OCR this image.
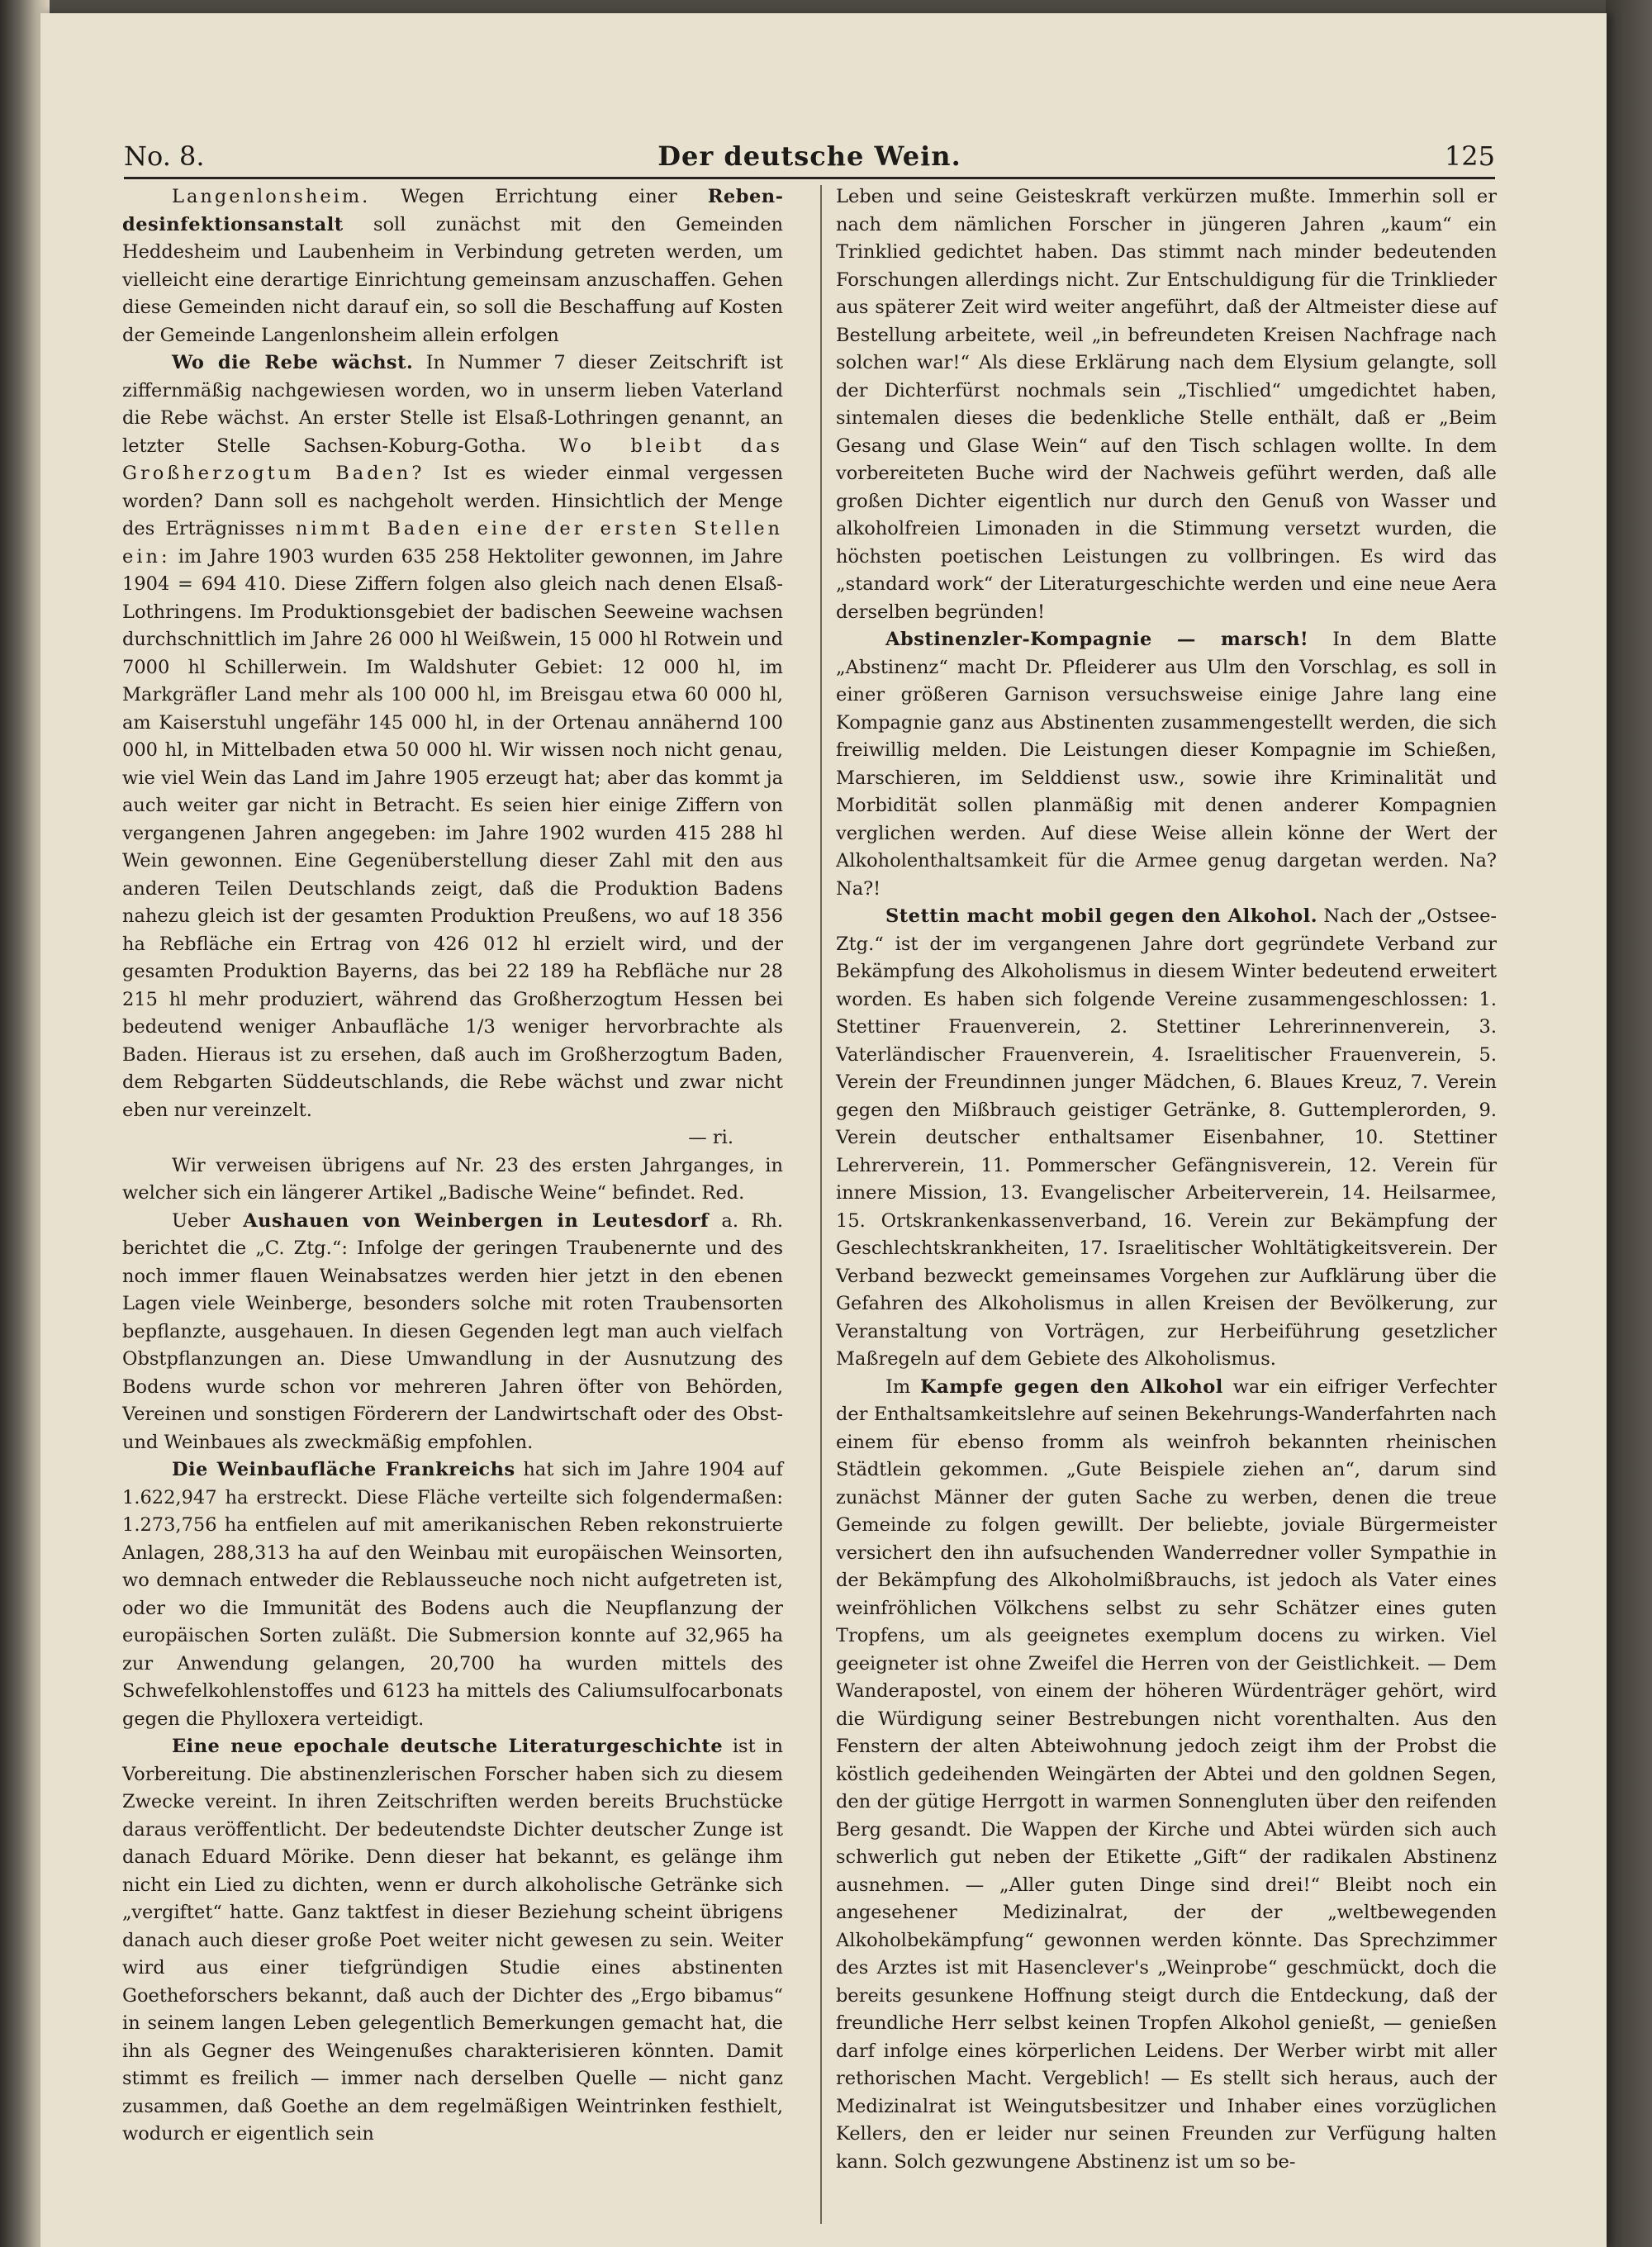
No. 8.	Der deutsche Wein.	125

Langenlonsheim. Wegen Errichtung einer Rebendesinfektionsanstalt soll zunächst mit den Gemeinden Heddesheim und Laubenheim in Verbindung getreten werden, um vielleicht eine derartige Einrichtung gemeinsam anzuschaffen. Gehen diese Gemeinden nicht darauf ein, so soll die Beschaffung auf Kosten der Gemeinde Langenlonsheim allein erfolgen

Wo die Rebe wächst. In Nummer 7 dieser Zeitschrift ist ziffernmäßig nachgewiesen worden, wo in unserm lieben Vaterland die Rebe wächst. An erster Stelle ist Elsaß-Lothringen genannt, an letzter Stelle Sachsen-Koburg-Gotha. Wo bleibt das Großherzogtum Baden? Ist es wieder einmal vergessen worden? Dann soll es nachgeholt werden. Hinsichtlich der Menge des Erträgnisses nimmt Baden eine der ersten Stellen ein: im Jahre 1903 wurden 635 258 Hektoliter gewonnen, im Jahre 1904 = 694 410. Diese Ziffern folgen also gleich nach denen Elsaß-Lothringens. Im Produktionsgebiet der badischen Seeweine wachsen durchschnittlich im Jahre 26 000 hl Weißwein, 15 000 hl Rotwein und 7000 hl Schillerwein. Im Waldshuter Gebiet: 12 000 hl, im Markgräfler Land mehr als 100 000 hl, im Breisgau etwa 60 000 hl, am Kaiserstuhl ungefähr 145 000 hl, in der Ortenau annähernd 100 000 hl, in Mittelbaden etwa 50 000 hl. Wir wissen noch nicht genau, wie viel Wein das Land im Jahre 1905 erzeugt hat; aber das kommt ja auch weiter gar nicht in Betracht. Es seien hier einige Ziffern von vergangenen Jahren angegeben: im Jahre 1902 wurden 415 288 hl Wein gewonnen. Eine Gegenüberstellung dieser Zahl mit den aus anderen Teilen Deutschlands zeigt, daß die Produktion Badens nahezu gleich ist der gesamten Produktion Preußens, wo auf 18 356 ha Rebfläche ein Ertrag von 426 012 hl erzielt wird, und der gesamten Produktion Bayerns, das bei 22 189 ha Rebfläche nur 28 215 hl mehr produziert, während das Großherzogtum Hessen bei bedeutend weniger Anbaufläche 1/3 weniger hervorbrachte als Baden. Hieraus ist zu ersehen, daß auch im Großherzogtum Baden, dem Rebgarten Süddeutschlands, die Rebe wächst und zwar nicht eben nur vereinzelt.

— ri.

Wir verweisen übrigens auf Nr. 23 des ersten Jahrganges, in welcher sich ein längerer Artikel „Badische Weine“ befindet. Red.

Ueber Aushauen von Weinbergen in Leutesdorf a. Rh. berichtet die „C. Ztg.“: Infolge der geringen Traubenernte und des noch immer flauen Weinabsatzes werden hier jetzt in den ebenen Lagen viele Weinberge, besonders solche mit roten Traubensorten bepflanzte, ausgehauen. In diesen Gegenden legt man auch vielfach Obstpflanzungen an. Diese Umwandlung in der Ausnutzung des Bodens wurde schon vor mehreren Jahren öfter von Behörden, Vereinen und sonstigen Förderern der Landwirtschaft oder des Obst- und Weinbaues als zweckmäßig empfohlen.

Die Weinbaufläche Frankreichs hat sich im Jahre 1904 auf 1.622,947 ha erstreckt. Diese Fläche verteilte sich folgendermaßen: 1.273,756 ha entfielen auf mit amerikanischen Reben rekonstruierte Anlagen, 288,313 ha auf den Weinbau mit europäischen Weinsorten, wo demnach entweder die Reblausseuche noch nicht aufgetreten ist, oder wo die Immunität des Bodens auch die Neupflanzung der europäischen Sorten zuläßt. Die Submersion konnte auf 32,965 ha zur Anwendung gelangen, 20,700 ha wurden mittels des Schwefelkohlenstoffes und 6123 ha mittels des Caliumsulfocarbonats gegen die Phylloxera verteidigt.

Eine neue epochale deutsche Literaturgeschichte ist in Vorbereitung. Die abstinenzlerischen Forscher haben sich zu diesem Zwecke vereint. In ihren Zeitschriften werden bereits Bruchstücke daraus veröffentlicht. Der bedeutendste Dichter deutscher Zunge ist danach Eduard Mörike. Denn dieser hat bekannt, es gelänge ihm nicht ein Lied zu dichten, wenn er durch alkoholische Getränke sich „vergiftet“ hatte. Ganz taktfest in dieser Beziehung scheint übrigens danach auch dieser große Poet weiter nicht gewesen zu sein. Weiter wird aus einer tiefgründigen Studie eines abstinenten Goetheforschers bekannt, daß auch der Dichter des „Ergo bibamus“ in seinem langen Leben gelegentlich Bemerkungen gemacht hat, die ihn als Gegner des Weingenußes charakterisieren könnten. Damit stimmt es freilich — immer nach derselben Quelle — nicht ganz zusammen, daß Goethe an dem regelmäßigen Weintrinken festhielt, wodurch er eigentlich sein

Leben und seine Geisteskraft verkürzen mußte. Immerhin soll er nach dem nämlichen Forscher in jüngeren Jahren „kaum“ ein Trinklied gedichtet haben. Das stimmt nach minder bedeutenden Forschungen allerdings nicht. Zur Entschuldigung für die Trinklieder aus späterer Zeit wird weiter angeführt, daß der Altmeister diese auf Bestellung arbeitete, weil „in befreundeten Kreisen Nachfrage nach solchen war!“ Als diese Erklärung nach dem Elysium gelangte, soll der Dichterfürst nochmals sein „Tischlied“ umgedichtet haben, sintemalen dieses die bedenkliche Stelle enthält, daß er „Beim Gesang und Glase Wein“ auf den Tisch schlagen wollte. In dem vorbereiteten Buche wird der Nachweis geführt werden, daß alle großen Dichter eigentlich nur durch den Genuß von Wasser und alkoholfreien Limonaden in die Stimmung versetzt wurden, die höchsten poetischen Leistungen zu vollbringen. Es wird das „standard work“ der Literaturgeschichte werden und eine neue Aera derselben begründen!

Abstinenzler-Kompagnie — marsch! In dem Blatte „Abstinenz“ macht Dr. Pfleiderer aus Ulm den Vorschlag, es soll in einer größeren Garnison versuchsweise einige Jahre lang eine Kompagnie ganz aus Abstinenten zusammengestellt werden, die sich freiwillig melden. Die Leistungen dieser Kompagnie im Schießen, Marschieren, im Selddienst usw., sowie ihre Kriminalität und Morbidität sollen planmäßig mit denen anderer Kompagnien verglichen werden. Auf diese Weise allein könne der Wert der Alkoholenthaltsamkeit für die Armee genug dargetan werden. Na? Na?!

Stettin macht mobil gegen den Alkohol. Nach der „Ostsee-Ztg.“ ist der im vergangenen Jahre dort gegründete Verband zur Bekämpfung des Alkoholismus in diesem Winter bedeutend erweitert worden. Es haben sich folgende Vereine zusammengeschlossen: 1. Stettiner Frauenverein, 2. Stettiner Lehrerinnenverein, 3. Vaterländischer Frauenverein, 4. Israelitischer Frauenverein, 5. Verein der Freundinnen junger Mädchen, 6. Blaues Kreuz, 7. Verein gegen den Mißbrauch geistiger Getränke, 8. Guttemplerorden, 9. Verein deutscher enthaltsamer Eisenbahner, 10. Stettiner Lehrerverein, 11. Pommerscher Gefängnisverein, 12. Verein für innere Mission, 13. Evangelischer Arbeiterverein, 14. Heilsarmee, 15. Ortskrankenkassenverband, 16. Verein zur Bekämpfung der Geschlechtskrankheiten, 17. Israelitischer Wohltätigkeitsverein. Der Verband bezweckt gemeinsames Vorgehen zur Aufklärung über die Gefahren des Alkoholismus in allen Kreisen der Bevölkerung, zur Veranstaltung von Vorträgen, zur Herbeiführung gesetzlicher Maßregeln auf dem Gebiete des Alkoholismus.

Im Kampfe gegen den Alkohol war ein eifriger Verfechter der Enthaltsamkeitslehre auf seinen Bekehrungs-Wanderfahrten nach einem für ebenso fromm als weinfroh bekannten rheinischen Städtlein gekommen. „Gute Beispiele ziehen an“, darum sind zunächst Männer der guten Sache zu werben, denen die treue Gemeinde zu folgen gewillt. Der beliebte, joviale Bürgermeister versichert den ihn aufsuchenden Wanderredner voller Sympathie in der Bekämpfung des Alkoholmißbrauchs, ist jedoch als Vater eines weinfröhlichen Völkchens selbst zu sehr Schätzer eines guten Tropfens, um als geeignetes exemplum docens zu wirken. Viel geeigneter ist ohne Zweifel die Herren von der Geistlichkeit. — Dem Wanderapostel, von einem der höheren Würdenträger gehört, wird die Würdigung seiner Bestrebungen nicht vorenthalten. Aus den Fenstern der alten Abteiwohnung jedoch zeigt ihm der Probst die köstlich gedeihenden Weingärten der Abtei und den goldnen Segen, den der gütige Herrgott in warmen Sonnengluten über den reifenden Berg gesandt. Die Wappen der Kirche und Abtei würden sich auch schwerlich gut neben der Etikette „Gift“ der radikalen Abstinenz ausnehmen. — „Aller guten Dinge sind drei!“ Bleibt noch ein angesehener Medizinalrat, der der „weltbewegenden Alkoholbekämpfung“ gewonnen werden könnte. Das Sprechzimmer des Arztes ist mit Hasenclever's „Weinprobe“ geschmückt, doch die bereits gesunkene Hoffnung steigt durch die Entdeckung, daß der freundliche Herr selbst keinen Tropfen Alkohol genießt, — genießen darf infolge eines körperlichen Leidens. Der Werber wirbt mit aller rethorischen Macht. Vergeblich! — Es stellt sich heraus, auch der Medizinalrat ist Weingutsbesitzer und Inhaber eines vorzüglichen Kellers, den er leider nur seinen Freunden zur Verfügung halten kann. Solch gezwungene Abstinenz ist um so be-
